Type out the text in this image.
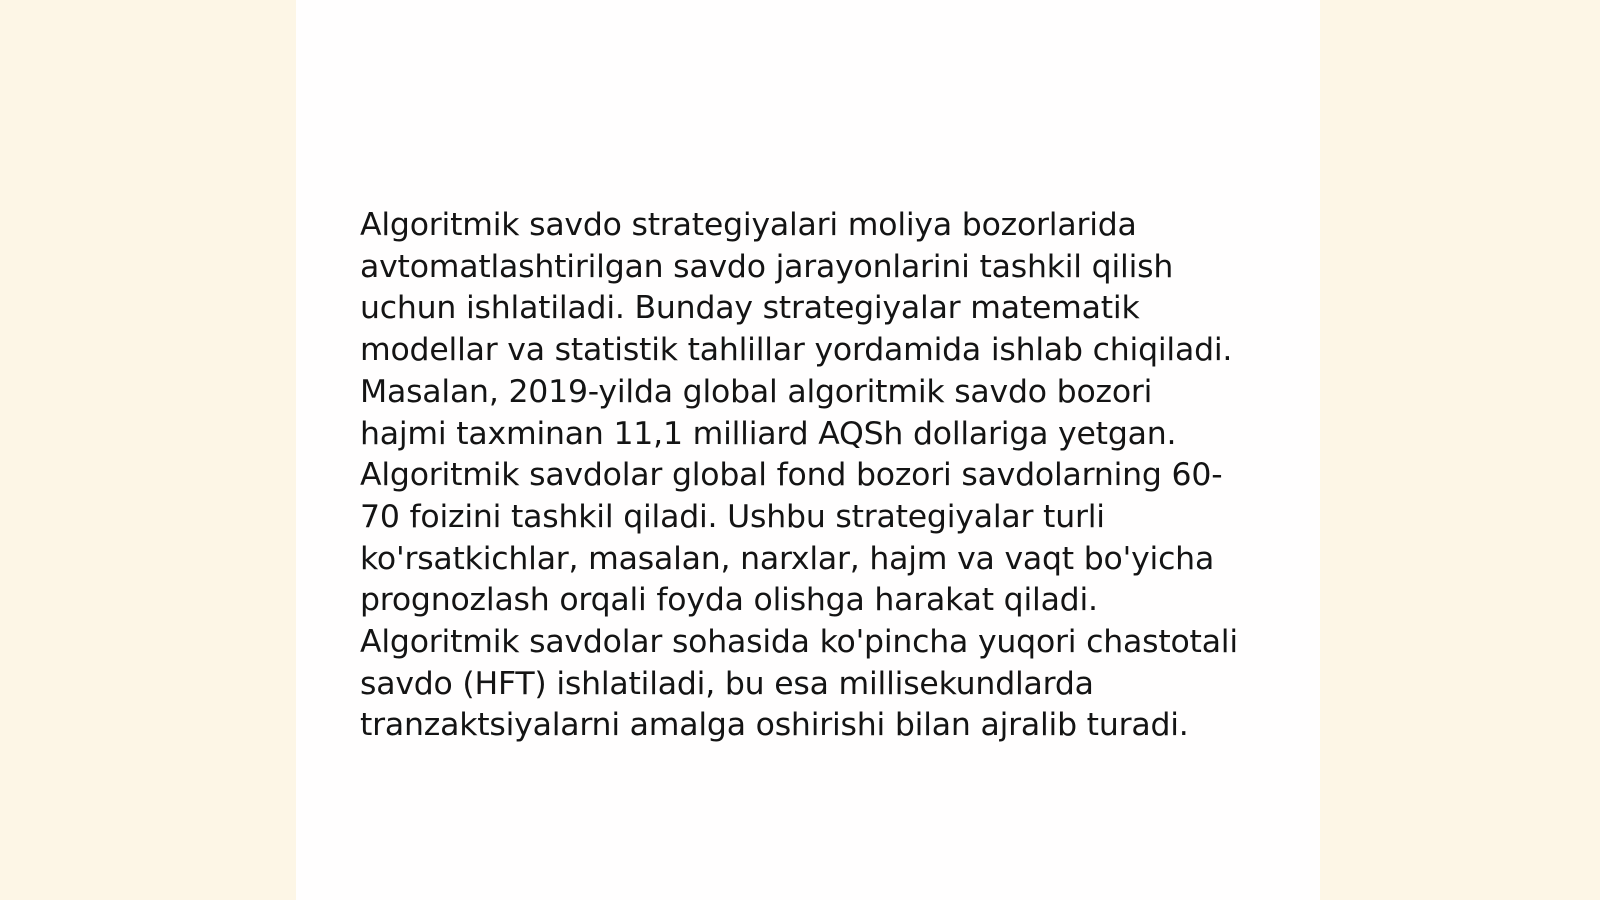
Algoritmik savdo strategiyalari moliya bozorlarida avtomatlashtirilgan savdo jarayonlarini tashkil qilish uchun ishlatiladi. Bunday strategiyalar matematik modellar va statistik tahlillar yordamida ishlab chiqiladi. Masalan, 2019-yilda global algoritmik savdo bozori hajmi taxminan 11,1 milliard AQSh dollariga yetgan. Algoritmik savdolar global fond bozori savdolarning 60-70 foizini tashkil qiladi. Ushbu strategiyalar turli ko'rsatkichlar, masalan, narxlar, hajm va vaqt bo'yicha prognozlash orqali foyda olishga harakat qiladi. Algoritmik savdolar sohasida ko'pincha yuqori chastotali savdo (HFT) ishlatiladi, bu esa millisekundlarda tranzaktsiyalarni amalga oshirishi bilan ajralib turadi.
